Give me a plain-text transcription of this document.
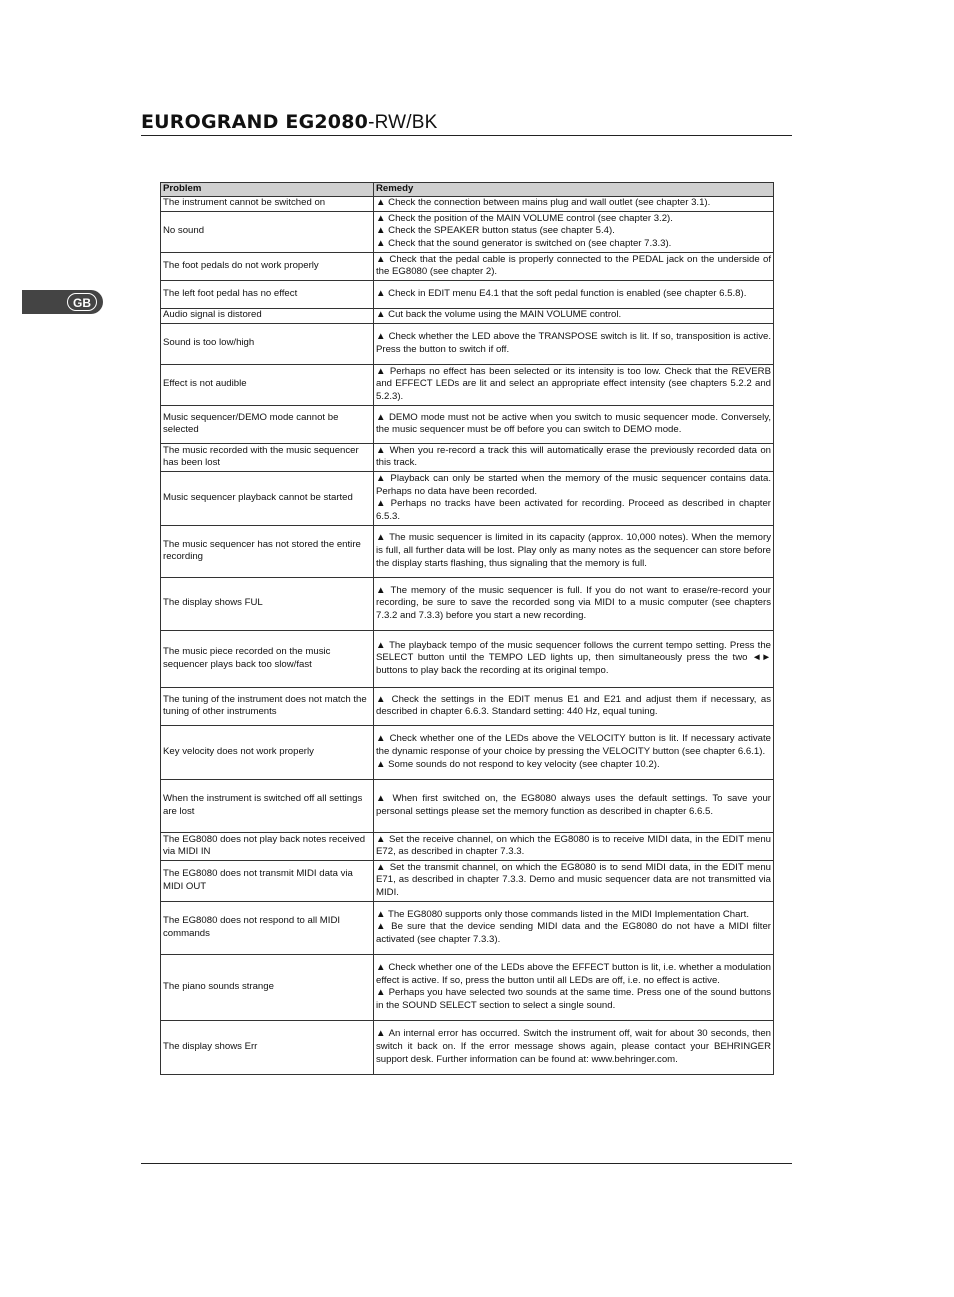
EUROGRAND EG2080-RW/BK
GB
Problem	Remedy
The instrument cannot be switched on	▲ Check the connection between mains plug and wall outlet (see chapter 3.1).
No sound	▲ Check the position of the MAIN VOLUME control (see chapter 3.2).
▲ Check the SPEAKER button status (see chapter 5.4).
▲ Check that the sound generator is switched on (see chapter 7.3.3).
The foot pedals do not work properly	▲ Check that the pedal cable is properly connected to the PEDAL jack on the underside of the EG8080 (see chapter 2).
The left foot pedal has no effect	▲ Check in EDIT menu E4.1 that the soft pedal function is enabled (see chapter 6.5.8).
Audio signal is distored	▲ Cut back the volume using the MAIN VOLUME control.
Sound is too low/high	▲ Check whether the LED above the TRANSPOSE switch is lit. If so, transposition is active. Press the button to switch if off.
Effect is not audible	▲ Perhaps no effect has been selected or its intensity is too low. Check that the REVERB and EFFECT LEDs are lit and select an appropriate effect intensity (see chapters 5.2.2 and 5.2.3).
Music sequencer/DEMO mode cannot be selected	▲ DEMO mode must not be active when you switch to music sequencer mode. Conversely, the music sequencer must be off before you can switch to DEMO mode.
The music recorded with the music sequencer has been lost	▲ When you re-record a track this will automatically erase the previously recorded data on this track.
Music sequencer playback cannot be started	▲ Playback can only be started when the memory of the music sequencer contains data. Perhaps no data have been recorded.
▲ Perhaps no tracks have been activated for recording. Proceed as described in chapter 6.5.3.
The music sequencer has not stored the entire recording	▲ The music sequencer is limited in its capacity (approx. 10,000 notes). When the memory is full, all further data will be lost. Play only as many notes as the sequencer can store before the display starts flashing, thus signaling that the memory is full.
The display shows FUL	▲ The memory of the music sequencer is full. If you do not want to erase/re-record your recording, be sure to save the recorded song via MIDI to a music computer (see chapters 7.3.2 and 7.3.3) before you start a new recording.
The music piece recorded on the music sequencer plays back too slow/fast	▲ The playback tempo of the music sequencer follows the current tempo setting. Press the SELECT button until the TEMPO LED lights up, then simultaneously press the two ◄► buttons to play back the recording at its original tempo.
The tuning of the instrument does not match the tuning of other instruments	▲ Check the settings in the EDIT menus E1 and E21 and adjust them if necessary, as described in chapter 6.6.3. Standard setting: 440 Hz, equal tuning.
Key velocity does not work properly	▲ Check whether one of the LEDs above the VELOCITY button is lit. If necessary activate the dynamic response of your choice by pressing the VELOCITY button (see chapter 6.6.1).
▲ Some sounds do not respond to key velocity (see chapter 10.2).
When the instrument is switched off all settings are lost	▲ When first switched on, the EG8080 always uses the default settings. To save your personal settings please set the memory function as described in chapter 6.6.5.
The EG8080 does not play back notes received via MIDI IN	▲ Set the receive channel, on which the EG8080 is to receive MIDI data, in the EDIT menu E72, as described in chapter 7.3.3.
The EG8080 does not transmit MIDI data via MIDI OUT	▲ Set the transmit channel, on which the EG8080 is to send MIDI data, in the EDIT menu E71, as described in chapter 7.3.3. Demo and music sequencer data are not transmitted via MIDI.
The EG8080 does not respond to all MIDI commands	▲ The EG8080 supports only those commands listed in the MIDI Implementation Chart.
▲ Be sure that the device sending MIDI data and the EG8080 do not have a MIDI filter activated (see chapter 7.3.3).
The piano sounds strange	▲ Check whether one of the LEDs above the EFFECT button is lit, i.e. whether a modulation effect is active. If so, press the button until all LEDs are off, i.e. no effect is active.
▲ Perhaps you have selected two sounds at the same time. Press one of the sound buttons in the SOUND SELECT section to select a single sound.
The display shows Err	▲ An internal error has occurred. Switch the instrument off, wait for about 30 seconds, then switch it back on. If the error message shows again, please contact your BEHRINGER support desk. Further information can be found at: www.behringer.com.
